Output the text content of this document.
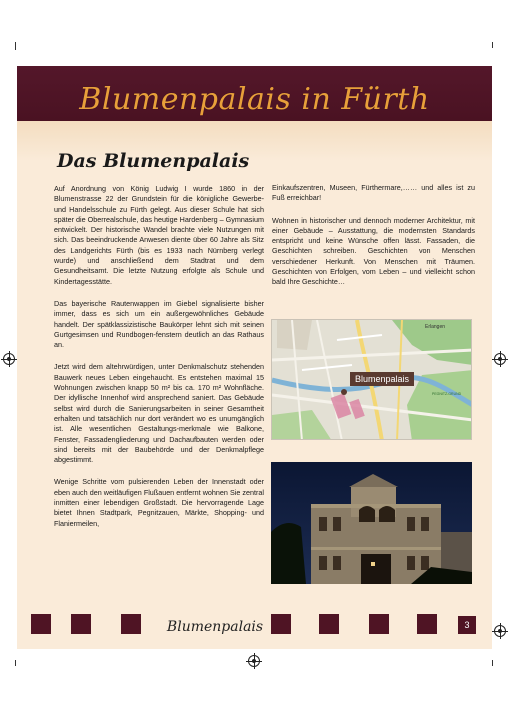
Blumenpalais in Fürth
Das Blumenpalais

Auf Anordnung von König Ludwig I wurde 1860 in der Blumenstrasse 22 der Grundstein für die königliche Gewerbe- und Handelsschule zu Fürth gelegt. Aus dieser Schule hat sich später die Oberrealschule, das heutige Hardenberg – Gymnasium entwickelt. Der historische Wandel brachte viele Nutzungen mit sich. Das beeindruckende Anwesen diente über 60 Jahre als Sitz des Landgerichts Fürth (bis es 1933 nach Nürnberg verlegt wurde) und anschließend dem Stadtrat und dem Gesundheitsamt. Die letzte Nutzung erfolgte als Schule und Kindertagesstätte.

Das bayerische Rautenwappen im Giebel signalisierte bisher immer, dass es sich um ein außergewöhnliches Gebäude handelt. Der spätklassizistische Baukörper lehnt sich mit seinen Gurtgesimsen und Rundbogen-fenstern deutlich an das Rathaus an.

Jetzt wird dem altehrwürdigen, unter Denkmalschutz stehenden Bauwerk neues Leben eingehaucht. Es entstehen maximal 15 Wohnungen zwischen knapp 50 m² bis ca. 170 m² Wohnfläche. Der idyllische Innenhof wird ansprechend saniert. Das Gebäude selbst wird durch die Sanierungsarbeiten in seiner Gesamtheit erhalten und tatsächlich nur dort verändert wo es unumgänglich ist. Alle wesentlichen Gestaltungs-merkmale wie Balkone, Fenster, Fassadengliederung und Dachaufbauten werden oder sind bereits mit der Baubehörde und der Denkmalpflege abgestimmt.

Wenige Schritte vom pulsierenden Leben der Innenstadt oder eben auch den weitläufigen Flußauen entfernt wohnen Sie zentral inmitten einer lebendigen Großstadt. Die hervorragende Lage bietet Ihnen Stadtpark, Pegnitzauen, Märkte, Shopping- und Flaniermeilen,

Einkaufszentren, Museen, Fürthermare,…… und alles ist zu Fuß erreichbar!

Wohnen in historischer und dennoch moderner Architektur, mit einer Gebäude – Ausstattung, die modernsten Standards entspricht und keine Wünsche offen lässt. Fassaden, die Geschichten schreiben. Geschichten von Menschen verschiedener Herkunft. Von Menschen mit Träumen. Geschichten von Erfolgen, vom Leben – und vielleicht schon bald Ihre Geschichte…

Erlangen
PEGNITZ-GRUND
Blumenpalais
Blumenpalais	3
